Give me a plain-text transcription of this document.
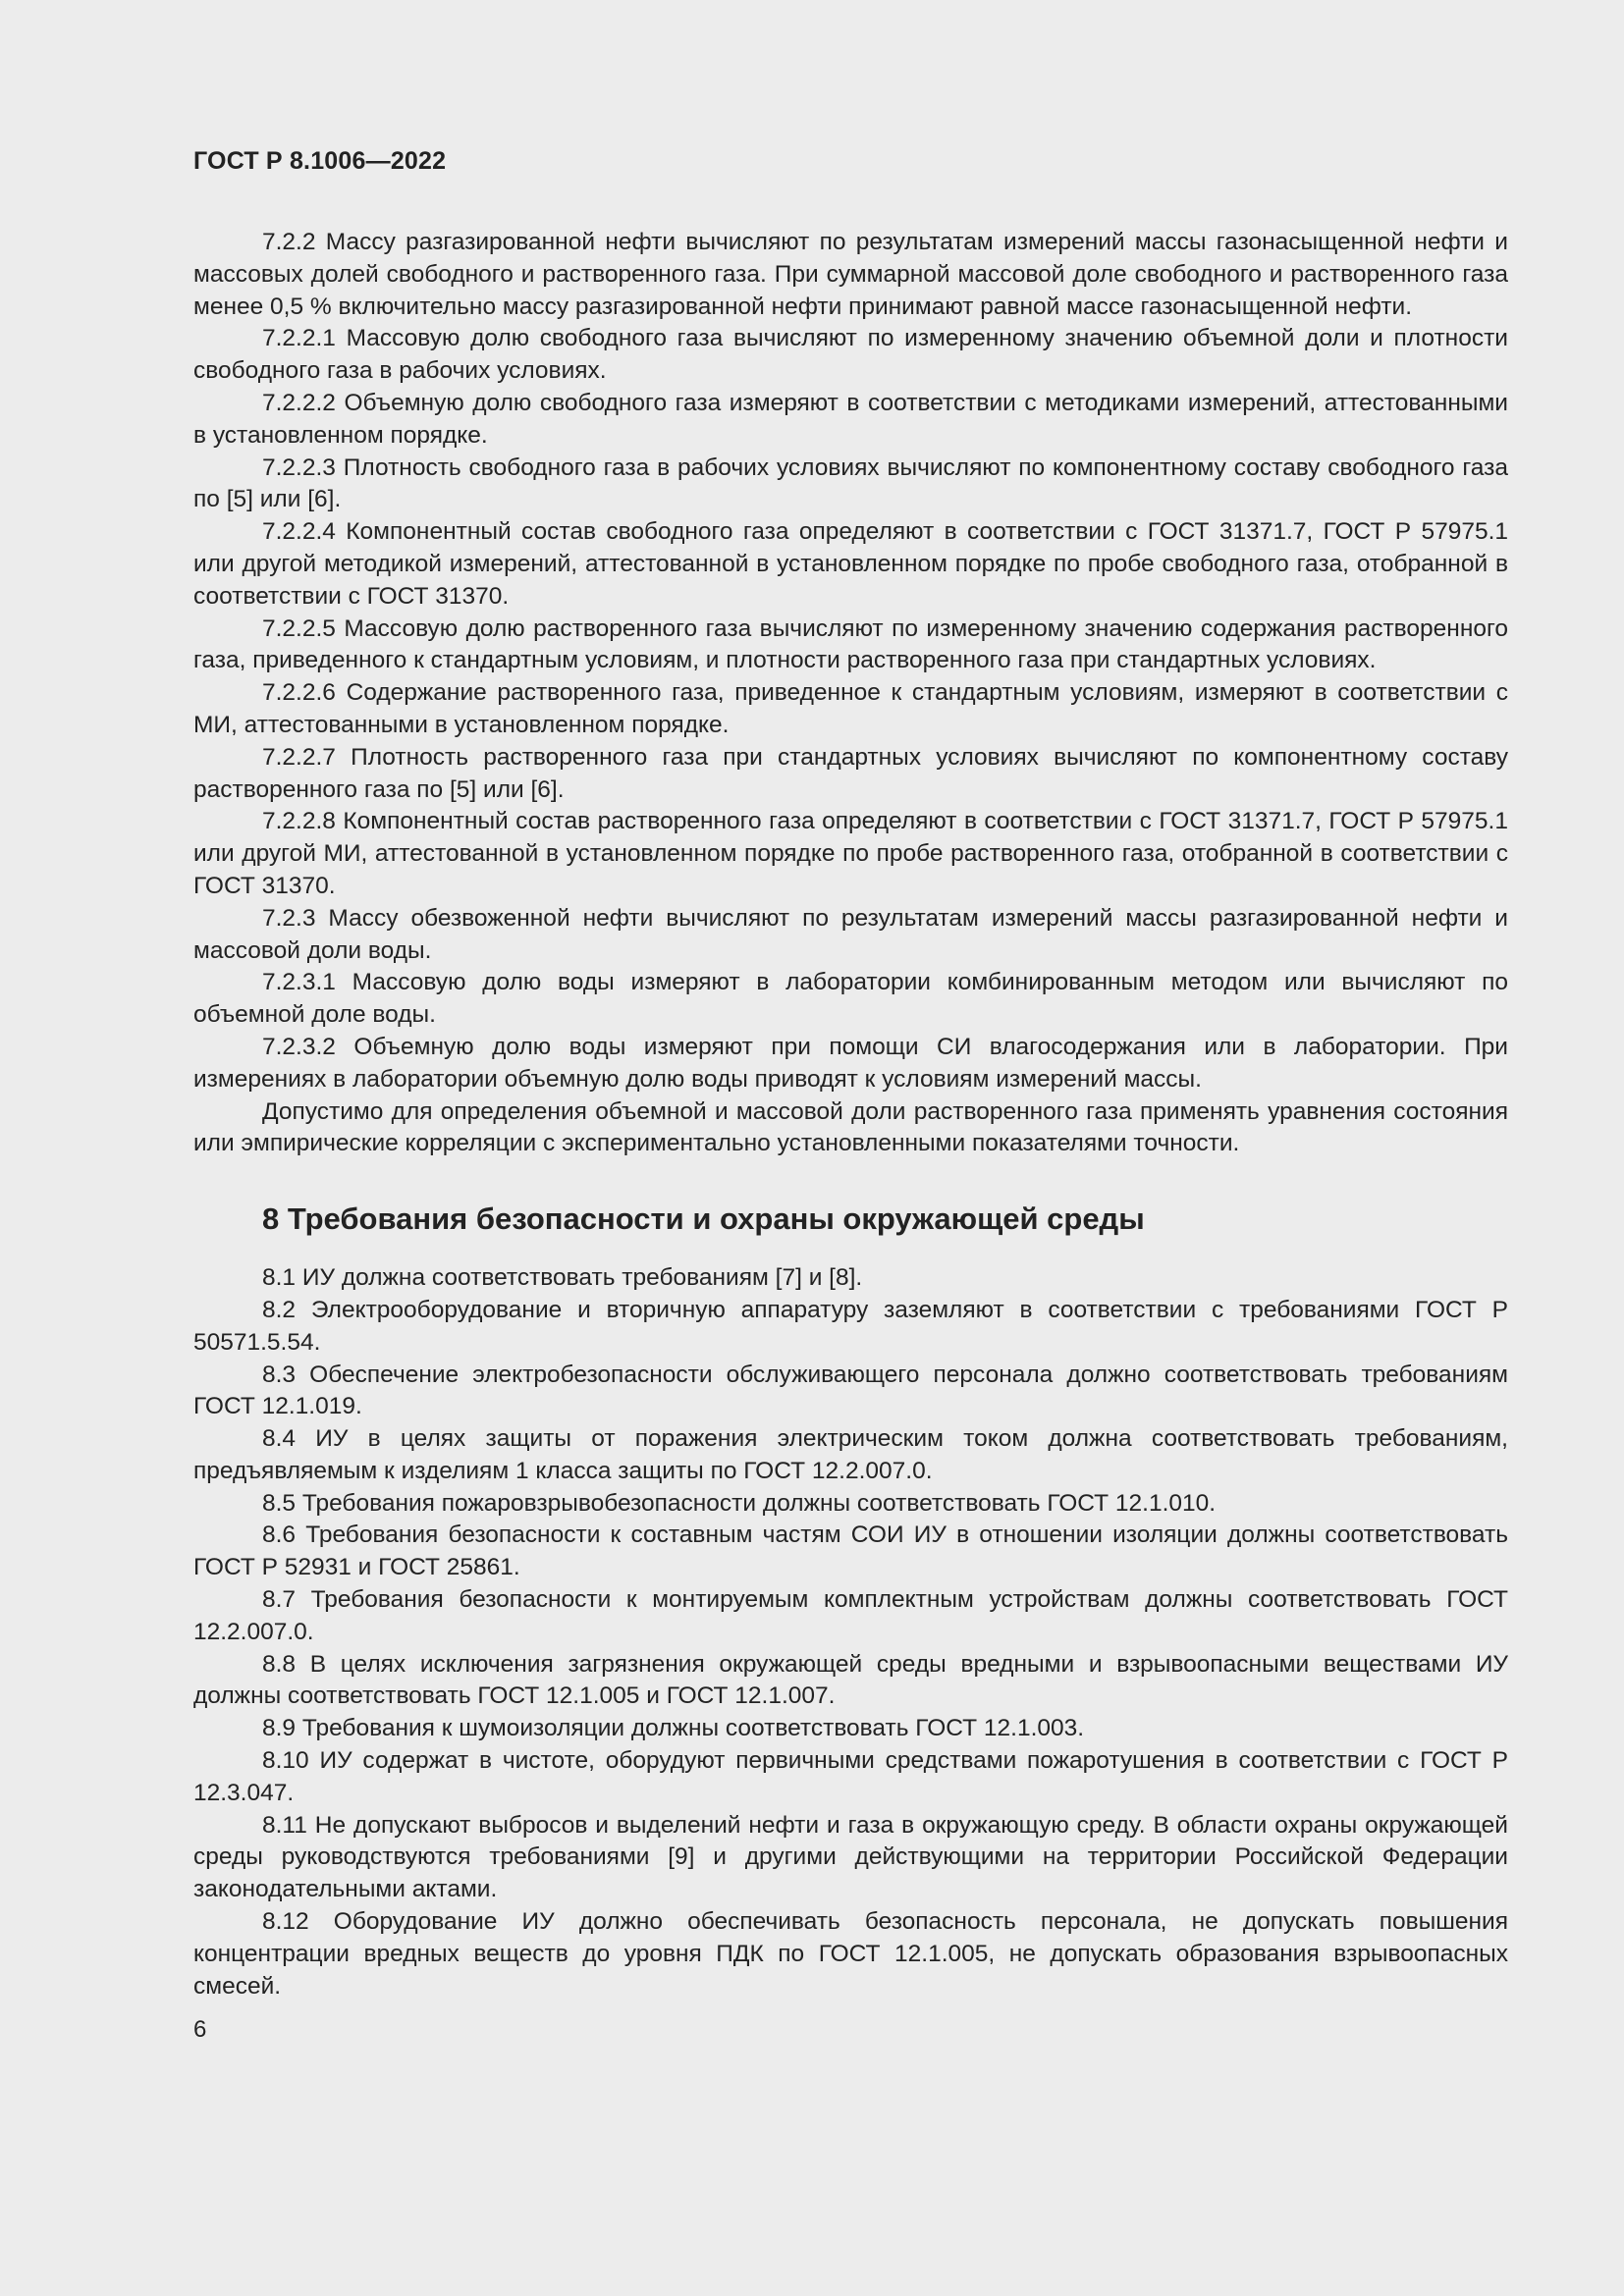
ГОСТ Р 8.1006—2022

7.2.2 Массу разгазированной нефти вычисляют по результатам измерений массы газонасыщенной нефти и массовых долей свободного и растворенного газа. При суммарной массовой доле свободного и растворенного газа менее 0,5 % включительно массу разгазированной нефти принимают равной массе газонасыщенной нефти.

7.2.2.1 Массовую долю свободного газа вычисляют по измеренному значению объемной доли и плотности свободного газа в рабочих условиях.

7.2.2.2 Объемную долю свободного газа измеряют в соответствии с методиками измерений, аттестованными в установленном порядке.

7.2.2.3 Плотность свободного газа в рабочих условиях вычисляют по компонентному составу свободного газа по [5] или [6].

7.2.2.4 Компонентный состав свободного газа определяют в соответствии с ГОСТ 31371.7, ГОСТ Р 57975.1 или другой методикой измерений, аттестованной в установленном порядке по пробе свободного газа, отобранной в соответствии с ГОСТ 31370.

7.2.2.5 Массовую долю растворенного газа вычисляют по измеренному значению содержания растворенного газа, приведенного к стандартным условиям, и плотности растворенного газа при стандартных условиях.

7.2.2.6 Содержание растворенного газа, приведенное к стандартным условиям, измеряют в соответствии с МИ, аттестованными в установленном порядке.

7.2.2.7 Плотность растворенного газа при стандартных условиях вычисляют по компонентному составу растворенного газа по [5] или [6].

7.2.2.8 Компонентный состав растворенного газа определяют в соответствии с ГОСТ 31371.7, ГОСТ Р 57975.1 или другой МИ, аттестованной в установленном порядке по пробе растворенного газа, отобранной в соответствии с ГОСТ 31370.

7.2.3 Массу обезвоженной нефти вычисляют по результатам измерений массы разгазированной нефти и массовой доли воды.

7.2.3.1 Массовую долю воды измеряют в лаборатории комбинированным методом или вычисляют по объемной доле воды.

7.2.3.2 Объемную долю воды измеряют при помощи СИ влагосодержания или в лаборатории. При измерениях в лаборатории объемную долю воды приводят к условиям измерений массы.

Допустимо для определения объемной и массовой доли растворенного газа применять уравнения состояния или эмпирические корреляции с экспериментально установленными показателями точности.

8 Требования безопасности и охраны окружающей среды

8.1 ИУ должна соответствовать требованиям [7] и [8].

8.2 Электрооборудование и вторичную аппаратуру заземляют в соответствии с требованиями ГОСТ Р 50571.5.54.

8.3 Обеспечение электробезопасности обслуживающего персонала должно соответствовать требованиям ГОСТ 12.1.019.

8.4 ИУ в целях защиты от поражения электрическим током должна соответствовать требованиям, предъявляемым к изделиям 1 класса защиты по ГОСТ 12.2.007.0.

8.5 Требования пожаровзрывобезопасности должны соответствовать ГОСТ 12.1.010.

8.6 Требования безопасности к составным частям СОИ ИУ в отношении изоляции должны соответствовать ГОСТ Р 52931 и ГОСТ 25861.

8.7 Требования безопасности к монтируемым комплектным устройствам должны соответствовать ГОСТ 12.2.007.0.

8.8 В целях исключения загрязнения окружающей среды вредными и взрывоопасными веществами ИУ должны соответствовать ГОСТ 12.1.005 и ГОСТ 12.1.007.

8.9 Требования к шумоизоляции должны соответствовать ГОСТ 12.1.003.

8.10 ИУ содержат в чистоте, оборудуют первичными средствами пожаротушения в соответствии с ГОСТ Р 12.3.047.

8.11 Не допускают выбросов и выделений нефти и газа в окружающую среду. В области охраны окружающей среды руководствуются требованиями [9] и другими действующими на территории Российской Федерации законодательными актами.

8.12 Оборудование ИУ должно обеспечивать безопасность персонала, не допускать повышения концентрации вредных веществ до уровня ПДК по ГОСТ 12.1.005, не допускать образования взрывоопасных смесей.

6
